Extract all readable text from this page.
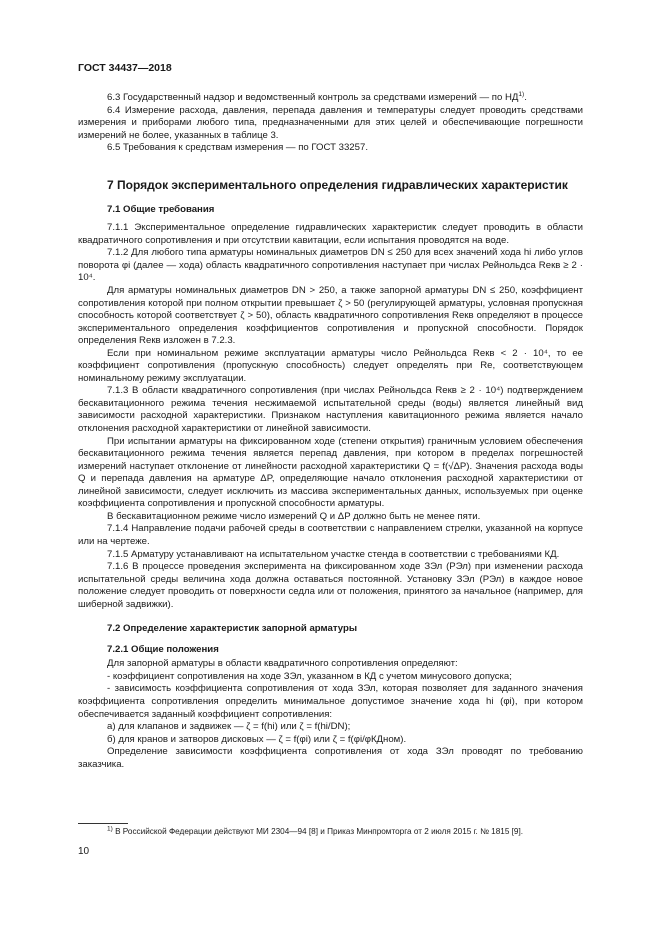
ГОСТ 34437—2018

6.3 Государственный надзор и ведомственный контроль за средствами измерений — по НД$^{1)}$.

6.4 Измерение расхода, давления, перепада давления и температуры следует проводить средствами измерения и приборами любого типа, предназначенными для этих целей и обеспечивающие погрешности измерений не более, указанных в таблице 3.

6.5 Требования к средствам измерения — по ГОСТ 33257.

7 Порядок экспериментального определения гидравлических характеристик
7.1 Общие требования

7.1.1 Экспериментальное определение гидравлических характеристик следует проводить в области квадратичного сопротивления и при отсутствии кавитации, если испытания проводятся на воде.

7.1.2 Для любого типа арматуры номинальных диаметров DN ≤ 250 для всех значений хода hi либо углов поворота φi (далее — хода) область квадратичного сопротивления наступает при числах Рейнольдса Reкв ≥ 2 · 10⁴.

Для арматуры номинальных диаметров DN > 250, а также запорной арматуры DN ≤ 250, коэффициент сопротивления которой при полном открытии превышает ζ > 50 (регулирующей арматуры, условная пропускная способность которой соответствует ζ > 50), область квадратичного сопротивления Reкв определяют в процессе экспериментального определения коэффициентов сопротивления и пропускной способности. Порядок определения Reкв изложен в 7.2.3.

Если при номинальном режиме эксплуатации арматуры число Рейнольдса Reкв < 2 · 10⁴, то ее коэффициент сопротивления (пропускную способность) следует определять при Re, соответствующем номинальному режиму эксплуатации.

7.1.3 В области квадратичного сопротивления (при числах Рейнольдса Reкв ≥ 2 · 10⁴) подтверждением бескавитационного режима течения несжимаемой испытательной среды (воды) является линейный вид зависимости расходной характеристики. Признаком наступления кавитационного режима является начало отклонения расходной характеристики от линейной зависимости.

При испытании арматуры на фиксированном ходе (степени открытия) граничным условием обеспечения бескавитационного режима течения является перепад давления, при котором в пределах погрешностей измерений наступает отклонение от линейности расходной характеристики Q = f(√ΔP). Значения расхода воды Q и перепада давления на арматуре ΔP, определяющие начало отклонения расходной характеристики от линейной зависимости, следует исключить из массива экспериментальных данных, используемых при оценке коэффициента сопротивления и пропускной способности арматуры.

В бескавитационном режиме число измерений Q и ΔP должно быть не менее пяти.

7.1.4 Направление подачи рабочей среды в соответствии с направлением стрелки, указанной на корпусе или на чертеже.

7.1.5 Арматуру устанавливают на испытательном участке стенда в соответствии с требованиями КД.

7.1.6 В процессе проведения эксперимента на фиксированном ходе ЗЭл (РЭл) при изменении расхода испытательной среды величина хода должна оставаться постоянной. Установку ЗЭл (РЭл) в каждое новое положение следует проводить от поверхности седла или от положения, принятого за начальное (например, для шиберной задвижки).

7.2 Определение характеристик запорной арматуры
7.2.1 Общие положения

Для запорной арматуры в области квадратичного сопротивления определяют:

- коэффициент сопротивления на ходе ЗЭл, указанном в КД с учетом минусового допуска;

- зависимость коэффициента сопротивления от хода ЗЭл, которая позволяет для заданного значения коэффициента сопротивления определить минимальное допустимое значение хода hi (φi), при котором обеспечивается заданный коэффициент сопротивления:

а) для клапанов и задвижек — ζ = f(hi) или ζ = f(hi/DN);

б) для кранов и затворов дисковых — ζ = f(φi) или ζ = f(φi/φКДном).

Определение зависимости коэффициента сопротивления от хода ЗЭл проводят по требованию заказчика.

$^{1)}$ В Российской Федерации действуют МИ 2304—94 [8] и Приказ Минпромторга от 2 июля 2015 г. № 1815 [9].
10
